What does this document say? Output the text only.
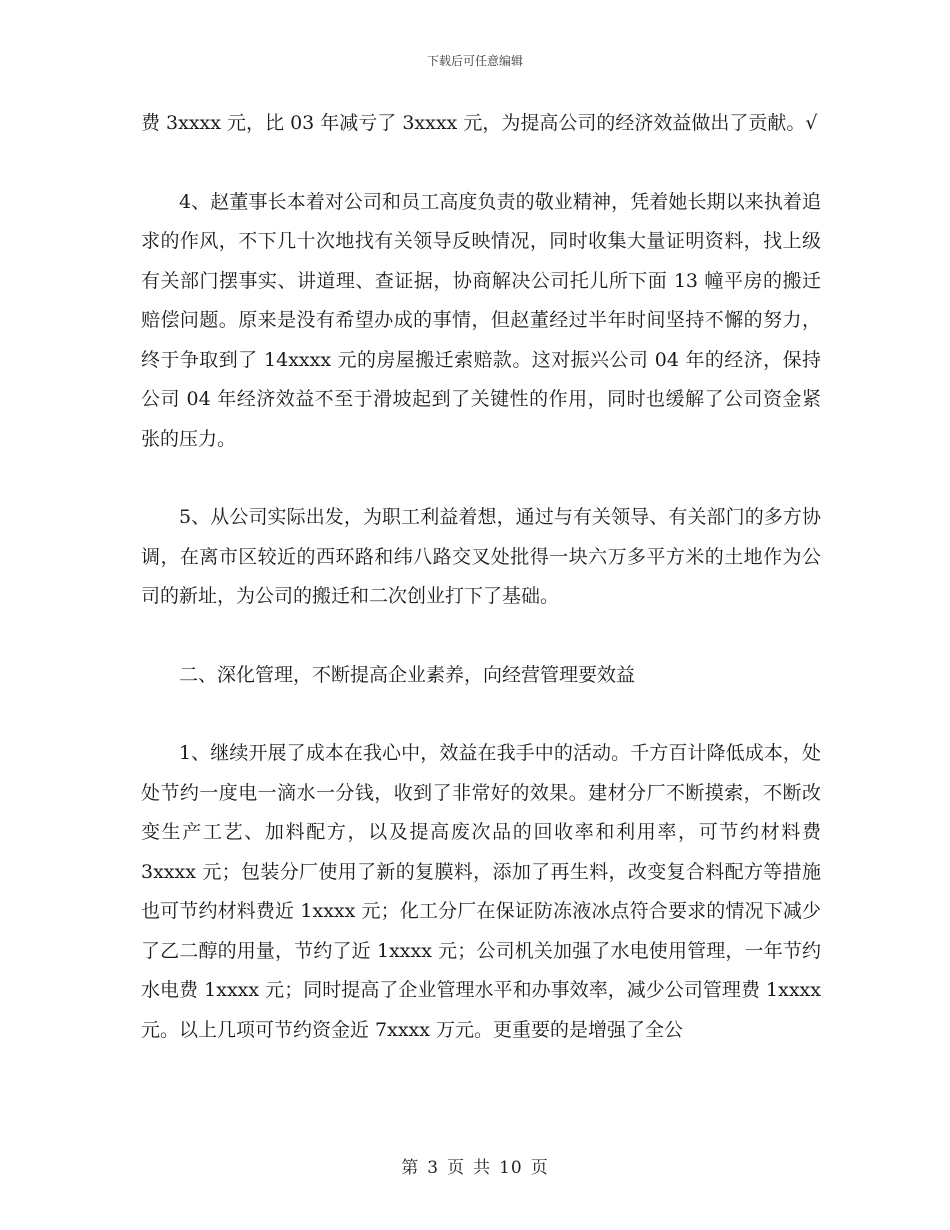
下载后可任意编辑

费 3xxxx 元，比 03 年减亏了 3xxxx 元，为提高公司的经济效益做出了贡献。√

4、赵董事长本着对公司和员工高度负责的敬业精神，凭着她长期以来执着追求的作风，不下几十次地找有关领导反映情况，同时收集大量证明资料，找上级有关部门摆事实、讲道理、查证据，协商解决公司托儿所下面 13 幢平房的搬迁赔偿问题。原来是没有希望办成的事情，但赵董经过半年时间坚持不懈的努力，终于争取到了 14xxxx 元的房屋搬迁索赔款。这对振兴公司 04 年的经济，保持公司 04 年经济效益不至于滑坡起到了关键性的作用，同时也缓解了公司资金紧张的压力。

5、从公司实际出发，为职工利益着想，通过与有关领导、有关部门的多方协调，在离市区较近的西环路和纬八路交叉处批得一块六万多平方米的土地作为公司的新址，为公司的搬迁和二次创业打下了基础。

二、深化管理，不断提高企业素养，向经营管理要效益

1、继续开展了成本在我心中，效益在我手中的活动。千方百计降低成本，处处节约一度电一滴水一分钱，收到了非常好的效果。建材分厂不断摸索，不断改变生产工艺、加料配方，以及提高废次品的回收率和利用率，可节约材料费 3xxxx 元；包装分厂使用了新的复膜料，添加了再生料，改变复合料配方等措施也可节约材料费近 1xxxx 元；化工分厂在保证防冻液冰点符合要求的情况下减少了乙二醇的用量，节约了近 1xxxx 元；公司机关加强了水电使用管理，一年节约水电费 1xxxx 元；同时提高了企业管理水平和办事效率，减少公司管理费 1xxxx 元。以上几项可节约资金近 7xxxx 万元。更重要的是增强了全公

第 3 页 共 10 页
